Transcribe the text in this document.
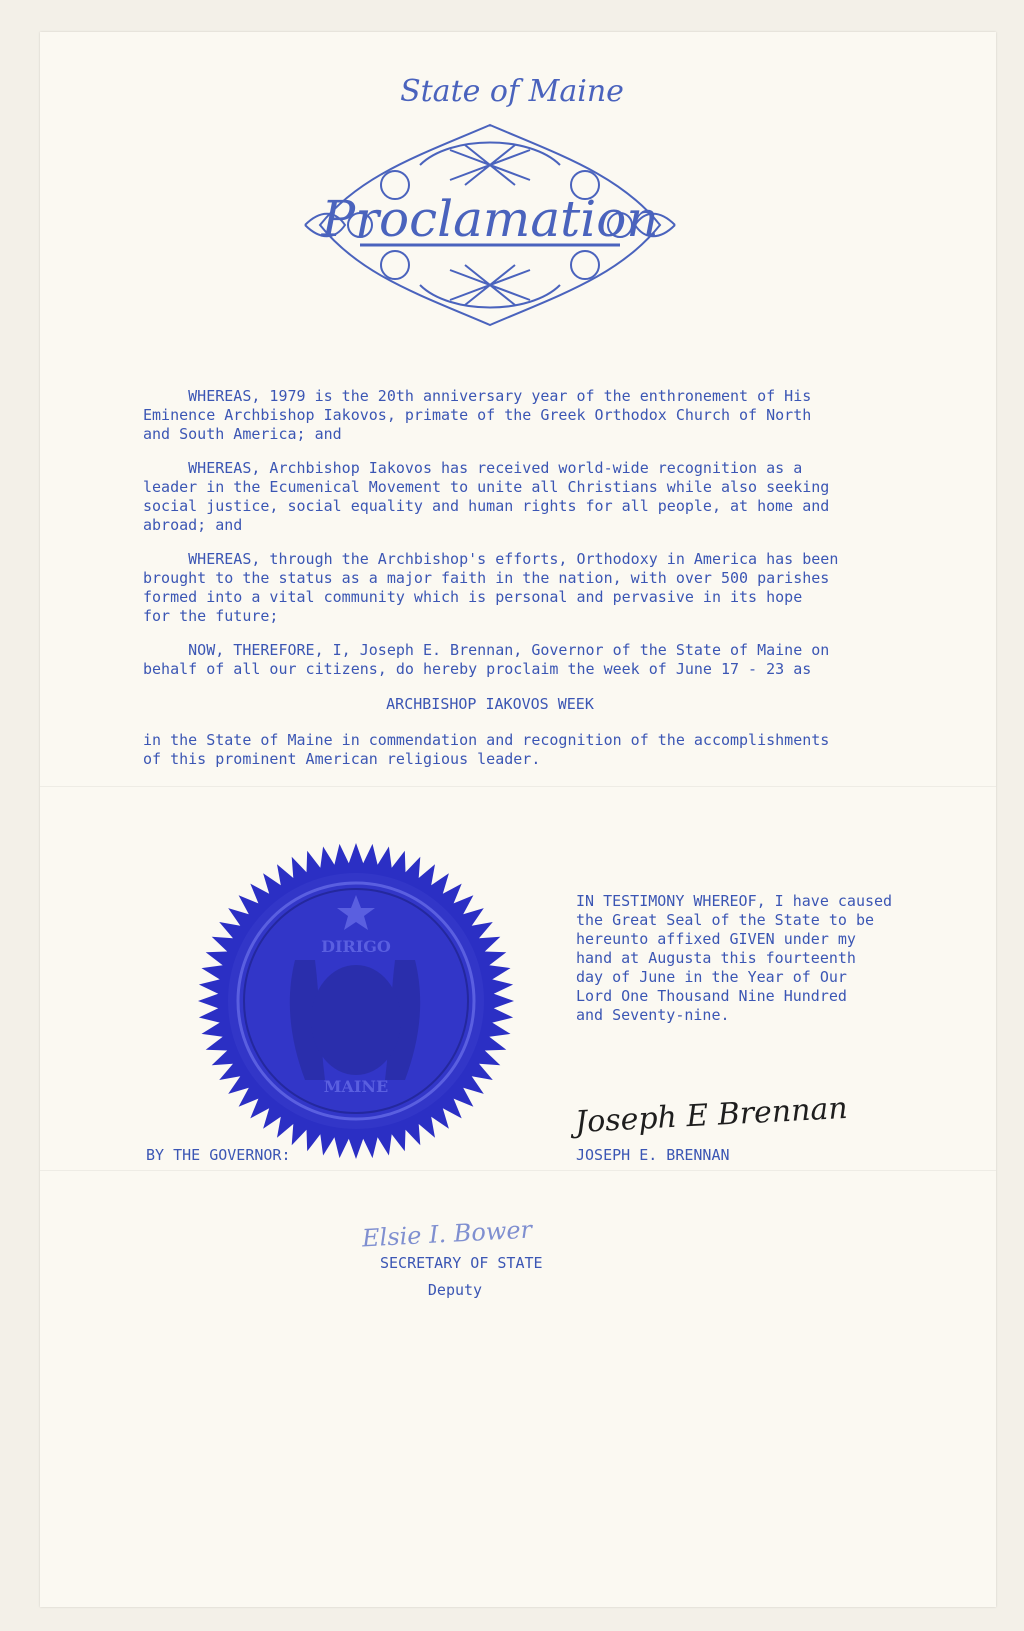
State of Maine
Proclamation

WHEREAS, 1979 is the 20th anniversary year of the enthronement of His
Eminence Archbishop Iakovos, primate of the Greek Orthodox Church of North
and South America; and

WHEREAS, Archbishop Iakovos has received world-wide recognition as a
leader in the Ecumenical Movement to unite all Christians while also seeking
social justice, social equality and human rights for all people, at home and
abroad; and

WHEREAS, through the Archbishop's efforts, Orthodoxy in America has been
brought to the status as a major faith in the nation, with over 500 parishes
formed into a vital community which is personal and pervasive in its hope
for the future;

NOW, THEREFORE, I, Joseph E. Brennan, Governor of the State of Maine on
behalf of all our citizens, do hereby proclaim the week of June 17 - 23 as

ARCHBISHOP IAKOVOS WEEK

in the State of Maine in commendation and recognition of the accomplishments
of this prominent American religious leader.

DIRIGO
MAINE

IN TESTIMONY WHEREOF, I have caused
the Great Seal of the State to be
hereunto affixed GIVEN under my
hand at Augusta this fourteenth
day of June in the Year of Our
Lord One Thousand Nine Hundred
and Seventy-nine.

BY THE GOVERNOR:
Joseph E Brennan
JOSEPH E. BRENNAN
Elsie I. Bower
SECRETARY OF STATE
Deputy
